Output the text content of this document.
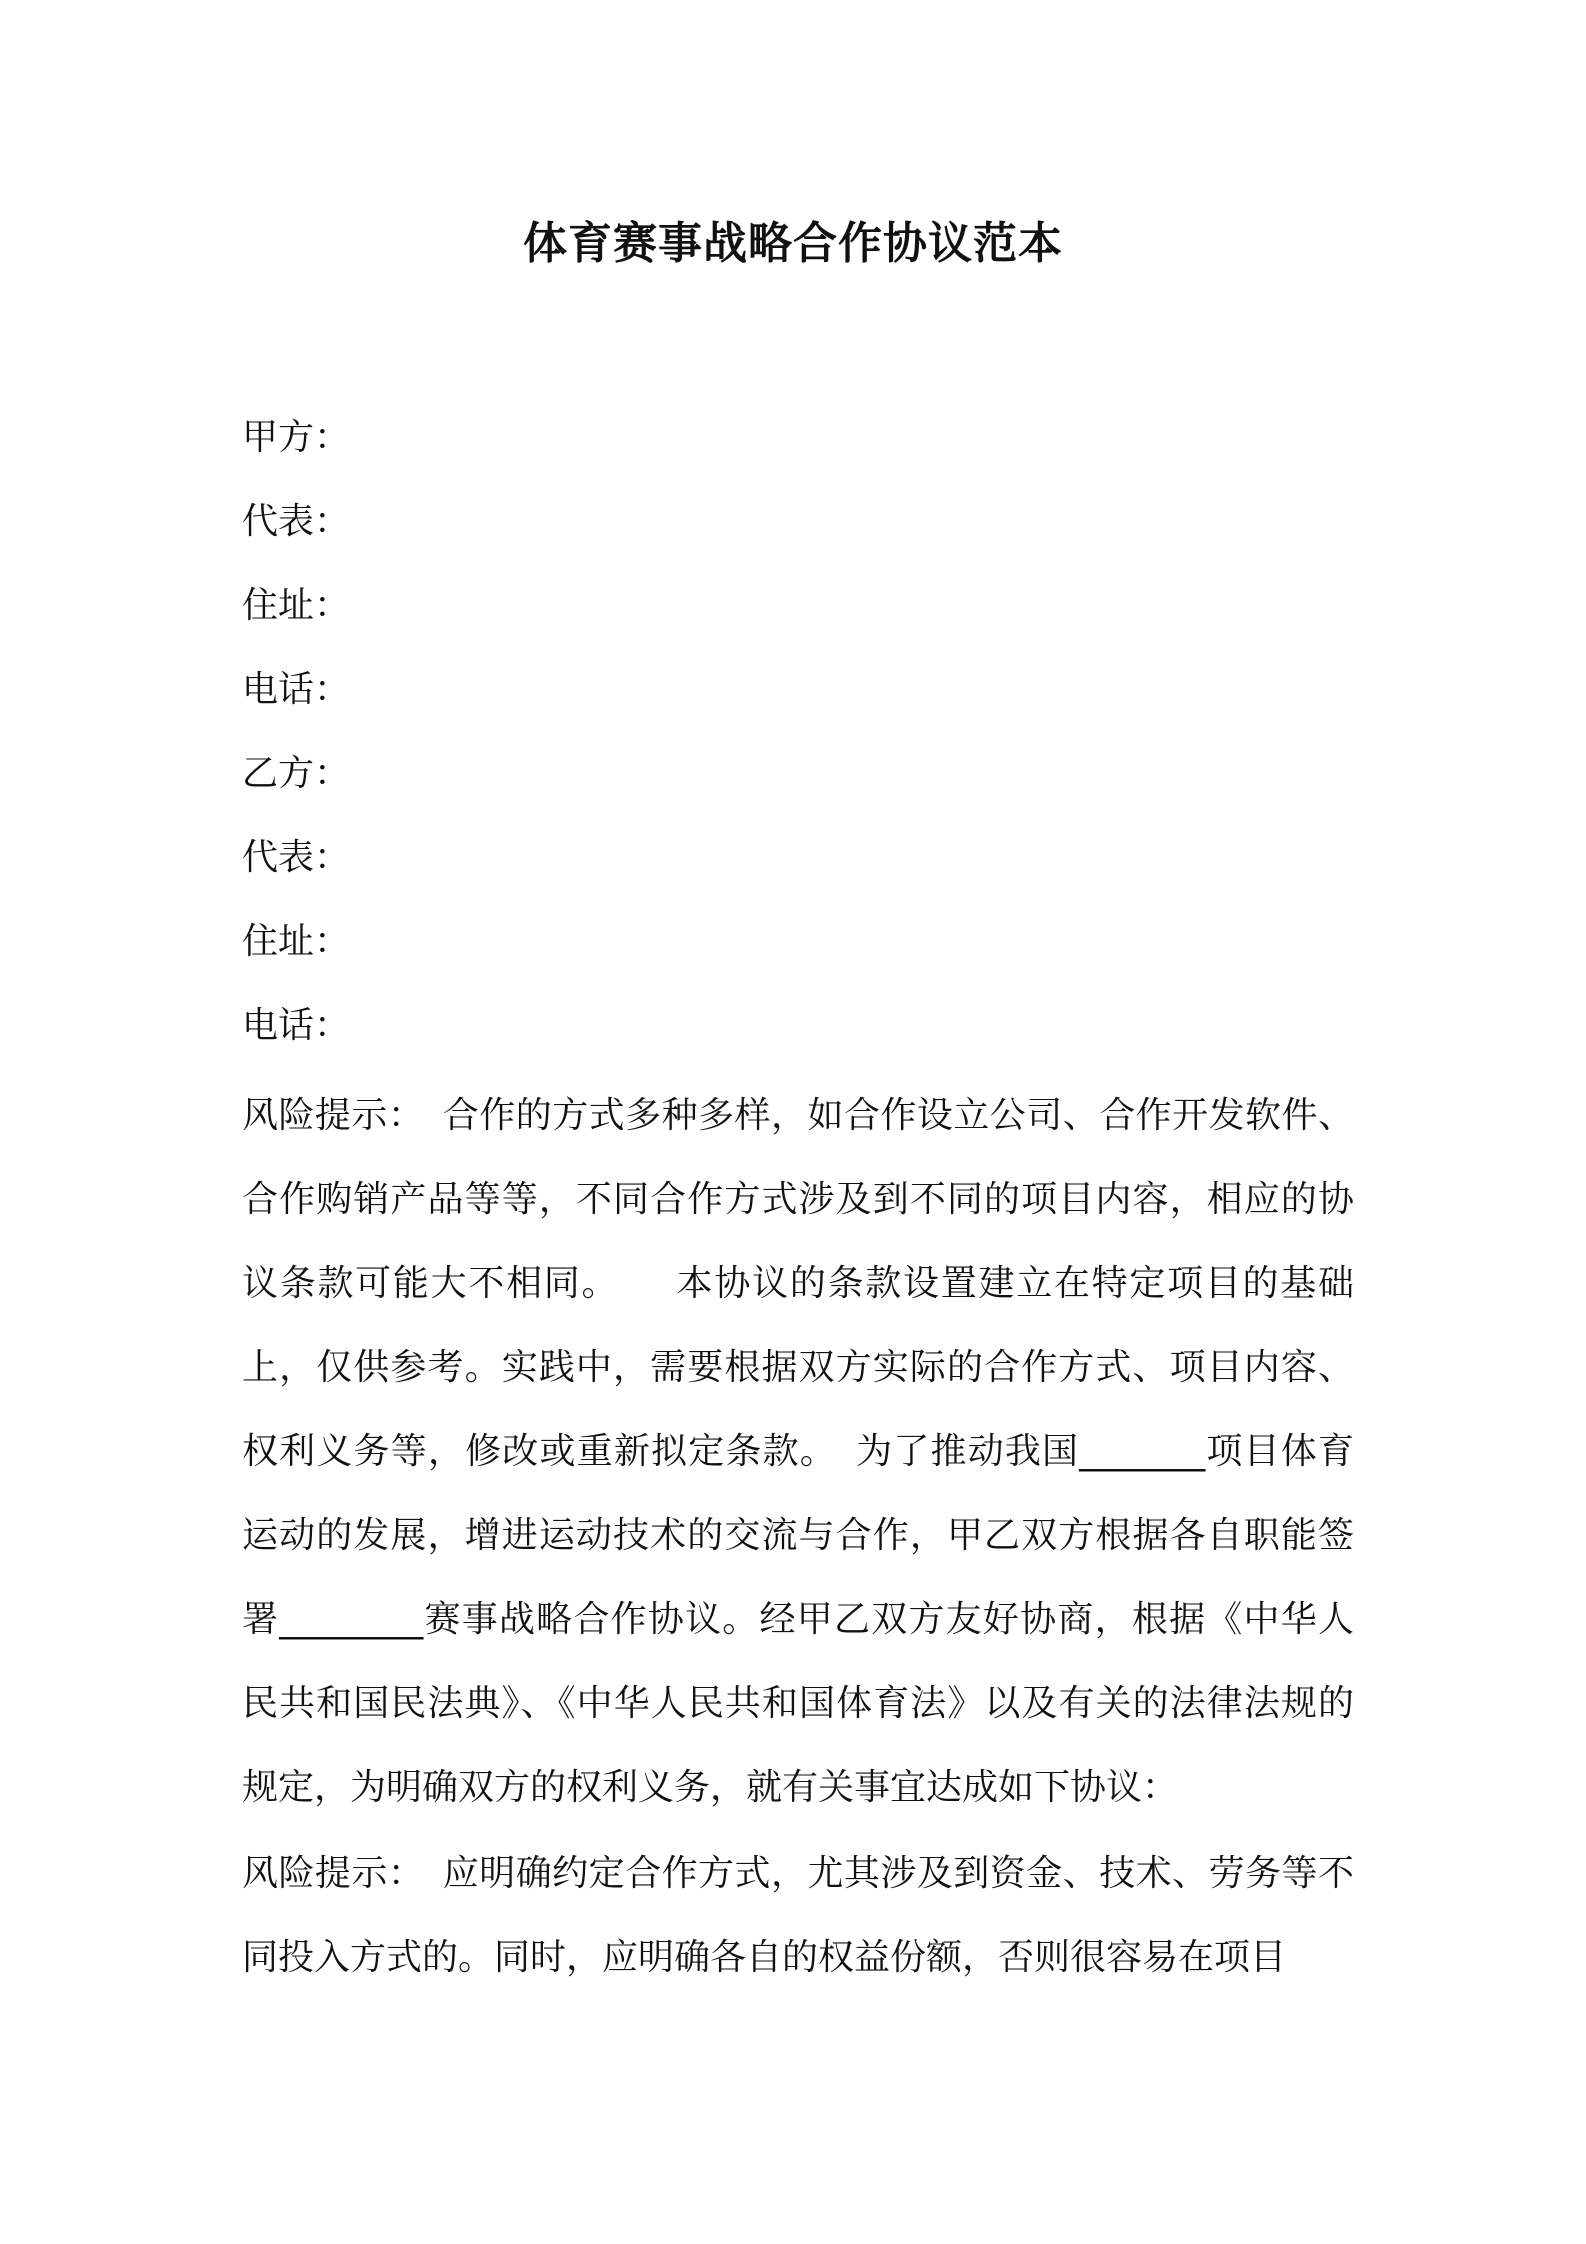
体育赛事战略合作协议范本
甲方：
代表：
住址：
电话：
乙方：
代表：
住址：
电话：

风险提示：　合作的方式多种多样，如合作设立公司、合作开发软件、合作购销产品等等，不同合作方式涉及到不同的项目内容，相应的协议条款可能大不相同。　　本协议的条款设置建立在特定项目的基础上，仅供参考。实践中，需要根据双方实际的合作方式、项目内容、权利义务等，修改或重新拟定条款。　为了推动我国_______项目体育运动的发展，增进运动技术的交流与合作，甲乙双方根据各自职能签署________赛事战略合作协议。经甲乙双方友好协商，根据《中华人民共和国民法典》、《中华人民共和国体育法》以及有关的法律法规的规定，为明确双方的权利义务，就有关事宜达成如下协议：

风险提示：　应明确约定合作方式，尤其涉及到资金、技术、劳务等不同投入方式的。同时，应明确各自的权益份额，否则很容易在项目
